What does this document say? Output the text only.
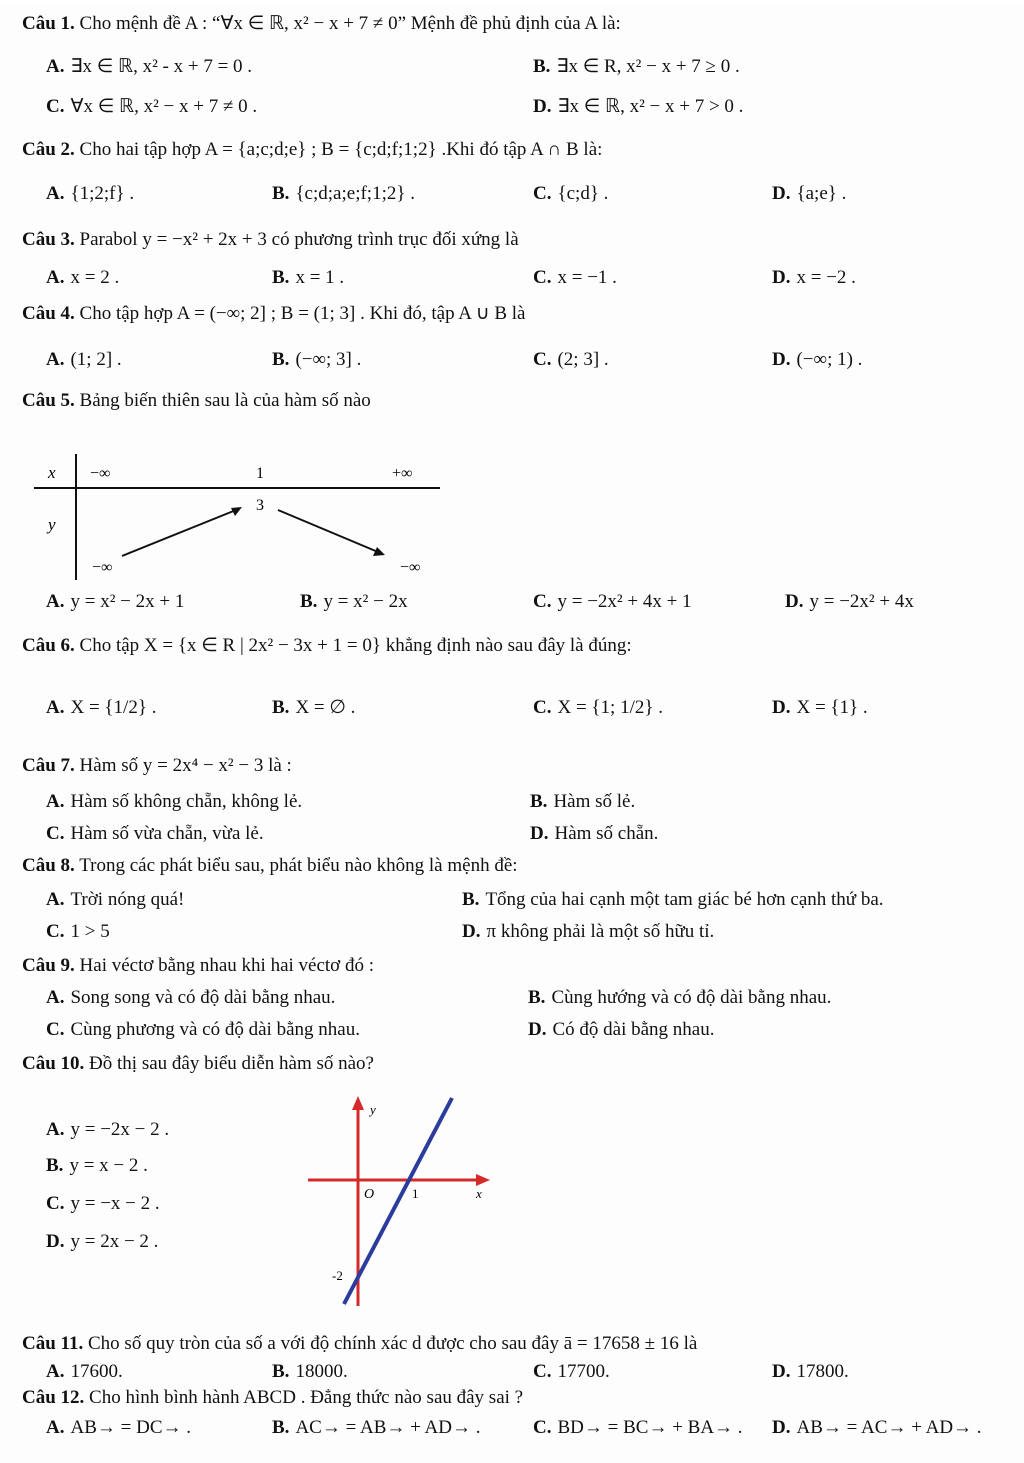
Câu 1. Cho mệnh đề A : “∀x ∈ ℝ, x² − x + 7 ≠ 0” Mệnh đề phủ định của A là:
A. ∃x ∈ ℝ, x² - x + 7 = 0 .	B. ∃x ∈ R, x² − x + 7 ≥ 0 .
C. ∀x ∈ ℝ, x² − x + 7 ≠ 0 .	D. ∃x ∈ ℝ, x² − x + 7 > 0 .
Câu 2. Cho hai tập hợp A = {a;c;d;e} ; B = {c;d;f;1;2} .Khi đó tập A ∩ B là:
A. {1;2;f} .	B. {c;d;a;e;f;1;2} .	C. {c;d} .	D. {a;e} .
Câu 3. Parabol y = −x² + 2x + 3 có phương trình trục đối xứng là
A. x = 2 .	B. x = 1 .	C. x = −1 .	D. x = −2 .
Câu 4. Cho tập hợp A = (−∞; 2] ; B = (1; 3] . Khi đó, tập A ∪ B là
A. (1; 2] .	B. (−∞; 3] .	C. (2; 3] .	D. (−∞; 1) .
Câu 5. Bảng biến thiên sau là của hàm số nào
x
y
−∞	1	+∞
−∞
3
−∞
A. y = x² − 2x + 1	B. y = x² − 2x	C. y = −2x² + 4x + 1	D. y = −2x² + 4x
Câu 6. Cho tập X = {x ∈ R | 2x² − 3x + 1 = 0} khẳng định nào sau đây là đúng:
A. X = {1/2} .	B. X = ∅ .	C. X = {1; 1/2} .	D. X = {1} .
Câu 7. Hàm số y = 2x⁴ − x² − 3 là :
A. Hàm số không chẵn, không lẻ.	B. Hàm số lẻ.
C. Hàm số vừa chẵn, vừa lẻ.	D. Hàm số chẵn.
Câu 8. Trong các phát biểu sau, phát biểu nào không là mệnh đề:
A. Trời nóng quá!	B. Tổng của hai cạnh một tam giác bé hơn cạnh thứ ba.
C. 1 > 5	D. π không phải là một số hữu tỉ.
Câu 9. Hai véctơ bằng nhau khi hai véctơ đó :
A. Song song và có độ dài bằng nhau.	B. Cùng hướng và có độ dài bằng nhau.
C. Cùng phương và có độ dài bằng nhau.	D. Có độ dài bằng nhau.
Câu 10. Đồ thị sau đây biểu diễn hàm số nào?
A. y = −2x − 2 .
B. y = x − 2 .
C. y = −x − 2 .
D. y = 2x − 2 .
y
x
O	1
-2
Câu 11. Cho số quy tròn của số a với độ chính xác d được cho sau đây ā = 17658 ± 16 là
A. 17600.	B. 18000.	C. 17700.	D. 17800.
Câu 12. Cho hình bình hành ABCD . Đẳng thức nào sau đây sai ?
A. AB→ = DC→ .	B. AC→ = AB→ + AD→ .	C. BD→ = BC→ + BA→ . D. AB→ = AC→ + AD→ .
